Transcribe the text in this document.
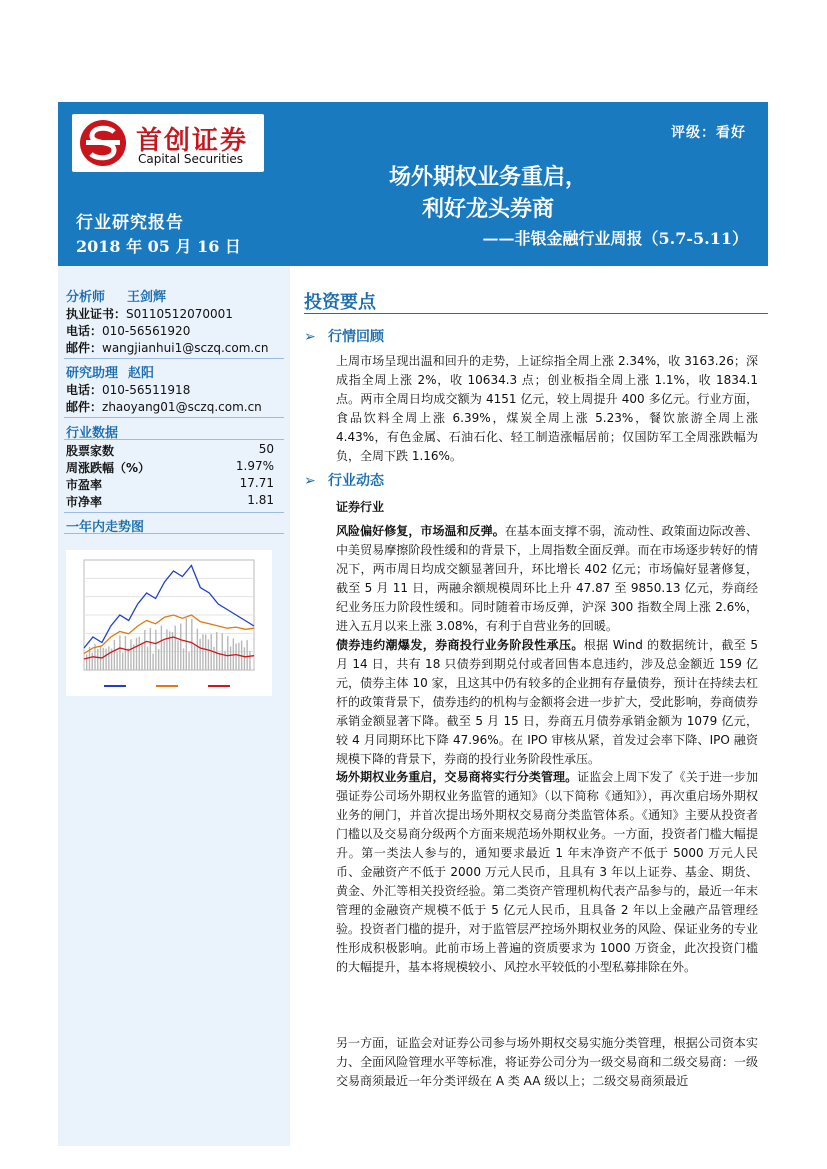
首创证券
Capital Securities
评级：看好
场外期权业务重启，
利好龙头券商
——非银金融行业周报（5.7-5.11）
行业研究报告
2018 年 05 月 16 日
分析师 王剑辉
执业证书：S0110512070001
电话：010-56561920
邮件：wangjianhui1@sczq.com.cn
研究助理 赵阳
电话：010-56511918
邮件：zhaoyang01@sczq.com.cn
行业数据
股票家数	50
周涨跌幅（%）	1.97%
市盈率	17.71
市净率	1.81
一年内走势图
投资要点
➢ 行情回顾
上周市场呈现出温和回升的走势，上证综指全周上涨 2.34%，收 3163.26；深成指全周上涨 2%，收 10634.3 点；创业板指全周上涨 1.1%，收 1834.1 点。两市全周日均成交额为 4151 亿元，较上周提升 400 多亿元。行业方面，食品饮料全周上涨 6.39%，煤炭全周上涨 5.23%，餐饮旅游全周上涨 4.43%，有色金属、石油石化、轻工制造涨幅居前；仅国防军工全周涨跌幅为负，全周下跌 1.16%。
➢ 行业动态
证券行业
风险偏好修复，市场温和反弹。在基本面支撑不弱，流动性、政策面边际改善、中美贸易摩擦阶段性缓和的背景下，上周指数全面反弹。而在市场逐步转好的情况下，两市周日均成交额显著回升，环比增长 402 亿元；市场偏好显著修复，截至 5 月 11 日，两融余额规模周环比上升 47.87 至 9850.13 亿元，券商经纪业务压力阶段性缓和。同时随着市场反弹，沪深 300 指数全周上涨 2.6%，进入五月以来上涨 3.08%，有利于自营业务的回暖。
债券违约潮爆发，券商投行业务阶段性承压。根据 Wind 的数据统计，截至 5 月 14 日，共有 18 只债券到期兑付或者回售本息违约，涉及总金额近 159 亿元，债券主体 10 家，且这其中仍有较多的企业拥有存量债券，预计在持续去杠杆的政策背景下，债券违约的机构与金额将会进一步扩大，受此影响，券商债券承销金额显著下降。截至 5 月 15 日，券商五月债券承销金额为 1079 亿元，较 4 月同期环比下降 47.96%。在 IPO 审核从紧，首发过会率下降、IPO 融资规模下降的背景下，券商的投行业务阶段性承压。
场外期权业务重启，交易商将实行分类管理。证监会上周下发了《关于进一步加强证券公司场外期权业务监管的通知》（以下简称《通知》），再次重启场外期权业务的闸门，并首次提出场外期权交易商分类监管体系。《通知》主要从投资者门槛以及交易商分级两个方面来规范场外期权业务。一方面，投资者门槛大幅提升。第一类法人参与的，通知要求最近 1 年末净资产不低于 5000 万元人民币、金融资产不低于 2000 万元人民币，且具有 3 年以上证券、基金、期货、黄金、外汇等相关投资经验。第二类资产管理机构代表产品参与的，最近一年末管理的金融资产规模不低于 5 亿元人民币，且具备 2 年以上金融产品管理经验。投资者门槛的提升，对于监管层严控场外期权业务的风险、保证业务的专业性形成积极影响。此前市场上普遍的资质要求为 1000 万资金，此次投资门槛的大幅提升，基本将规模较小、风控水平较低的小型私募排除在外。
另一方面，证监会对证券公司参与场外期权交易实施分类管理，根据公司资本实力、全面风险管理水平等标准，将证券公司分为一级交易商和二级交易商：一级交易商须最近一年分类评级在 A 类 AA 级以上；二级交易商须最近
